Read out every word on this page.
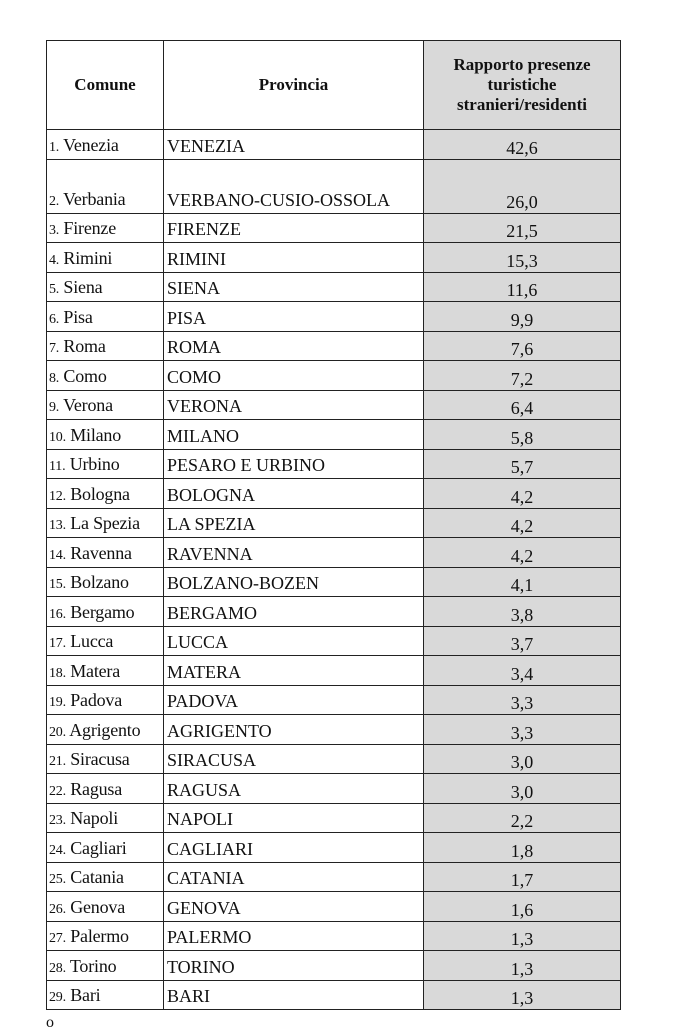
Comune	Provincia	Rapporto presenze turistiche stranieri/residenti
1. Venezia	VENEZIA	42,6
2. Verbania	VERBANO-CUSIO-OSSOLA	26,0
3. Firenze	FIRENZE	21,5
4. Rimini	RIMINI	15,3
5. Siena	SIENA	11,6
6. Pisa	PISA	9,9
7. Roma	ROMA	7,6
8. Como	COMO	7,2
9. Verona	VERONA	6,4
10. Milano	MILANO	5,8
11. Urbino	PESARO E URBINO	5,7
12. Bologna	BOLOGNA	4,2
13. La Spezia	LA SPEZIA	4,2
14. Ravenna	RAVENNA	4,2
15. Bolzano	BOLZANO-BOZEN	4,1
16. Bergamo	BERGAMO	3,8
17. Lucca	LUCCA	3,7
18. Matera	MATERA	3,4
19. Padova	PADOVA	3,3
20. Agrigento	AGRIGENTO	3,3
21. Siracusa	SIRACUSA	3,0
22. Ragusa	RAGUSA	3,0
23. Napoli	NAPOLI	2,2
24. Cagliari	CAGLIARI	1,8
25. Catania	CATANIA	1,7
26. Genova	GENOVA	1,6
27. Palermo	PALERMO	1,3
28. Torino	TORINO	1,3
29. Bari	BARI	1,3
o
